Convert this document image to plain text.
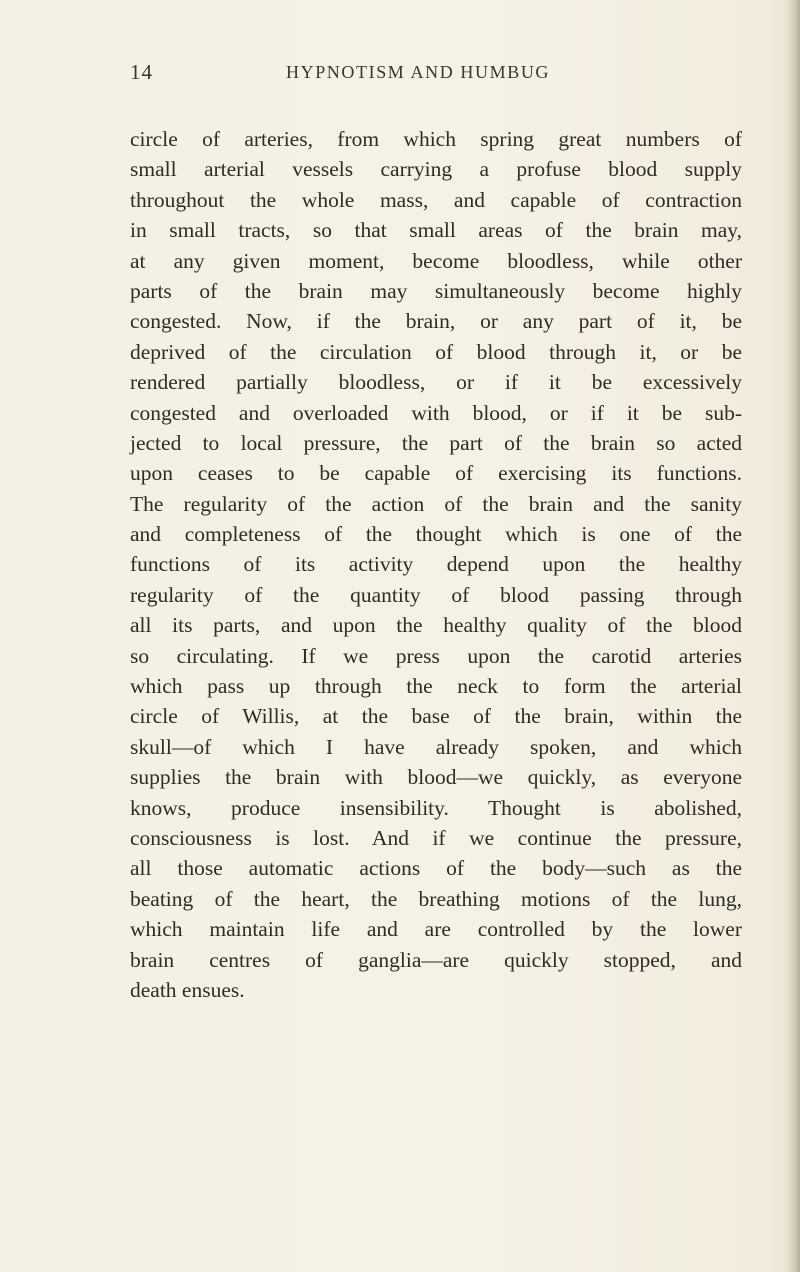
14	HYPNOTISM AND HUMBUG
circle of arteries, from which spring great numbers of
small arterial vessels carrying a profuse blood supply
throughout the whole mass, and capable of contraction
in small tracts, so that small areas of the brain may,
at any given moment, become bloodless, while other
parts of the brain may simultaneously become highly
congested. Now, if the brain, or any part of it, be
deprived of the circulation of blood through it, or be
rendered partially bloodless, or if it be excessively
congested and overloaded with blood, or if it be sub-
jected to local pressure, the part of the brain so acted
upon ceases to be capable of exercising its functions.
The regularity of the action of the brain and the sanity
and completeness of the thought which is one of the
functions of its activity depend upon the healthy
regularity of the quantity of blood passing through
all its parts, and upon the healthy quality of the blood
so circulating. If we press upon the carotid arteries
which pass up through the neck to form the arterial
circle of Willis, at the base of the brain, within the
skull—of which I have already spoken, and which
supplies the brain with blood—we quickly, as everyone
knows, produce insensibility. Thought is abolished,
consciousness is lost. And if we continue the pressure,
all those automatic actions of the body—such as the
beating of the heart, the breathing motions of the lung,
which maintain life and are controlled by the lower
brain centres of ganglia—are quickly stopped, and
death ensues.
